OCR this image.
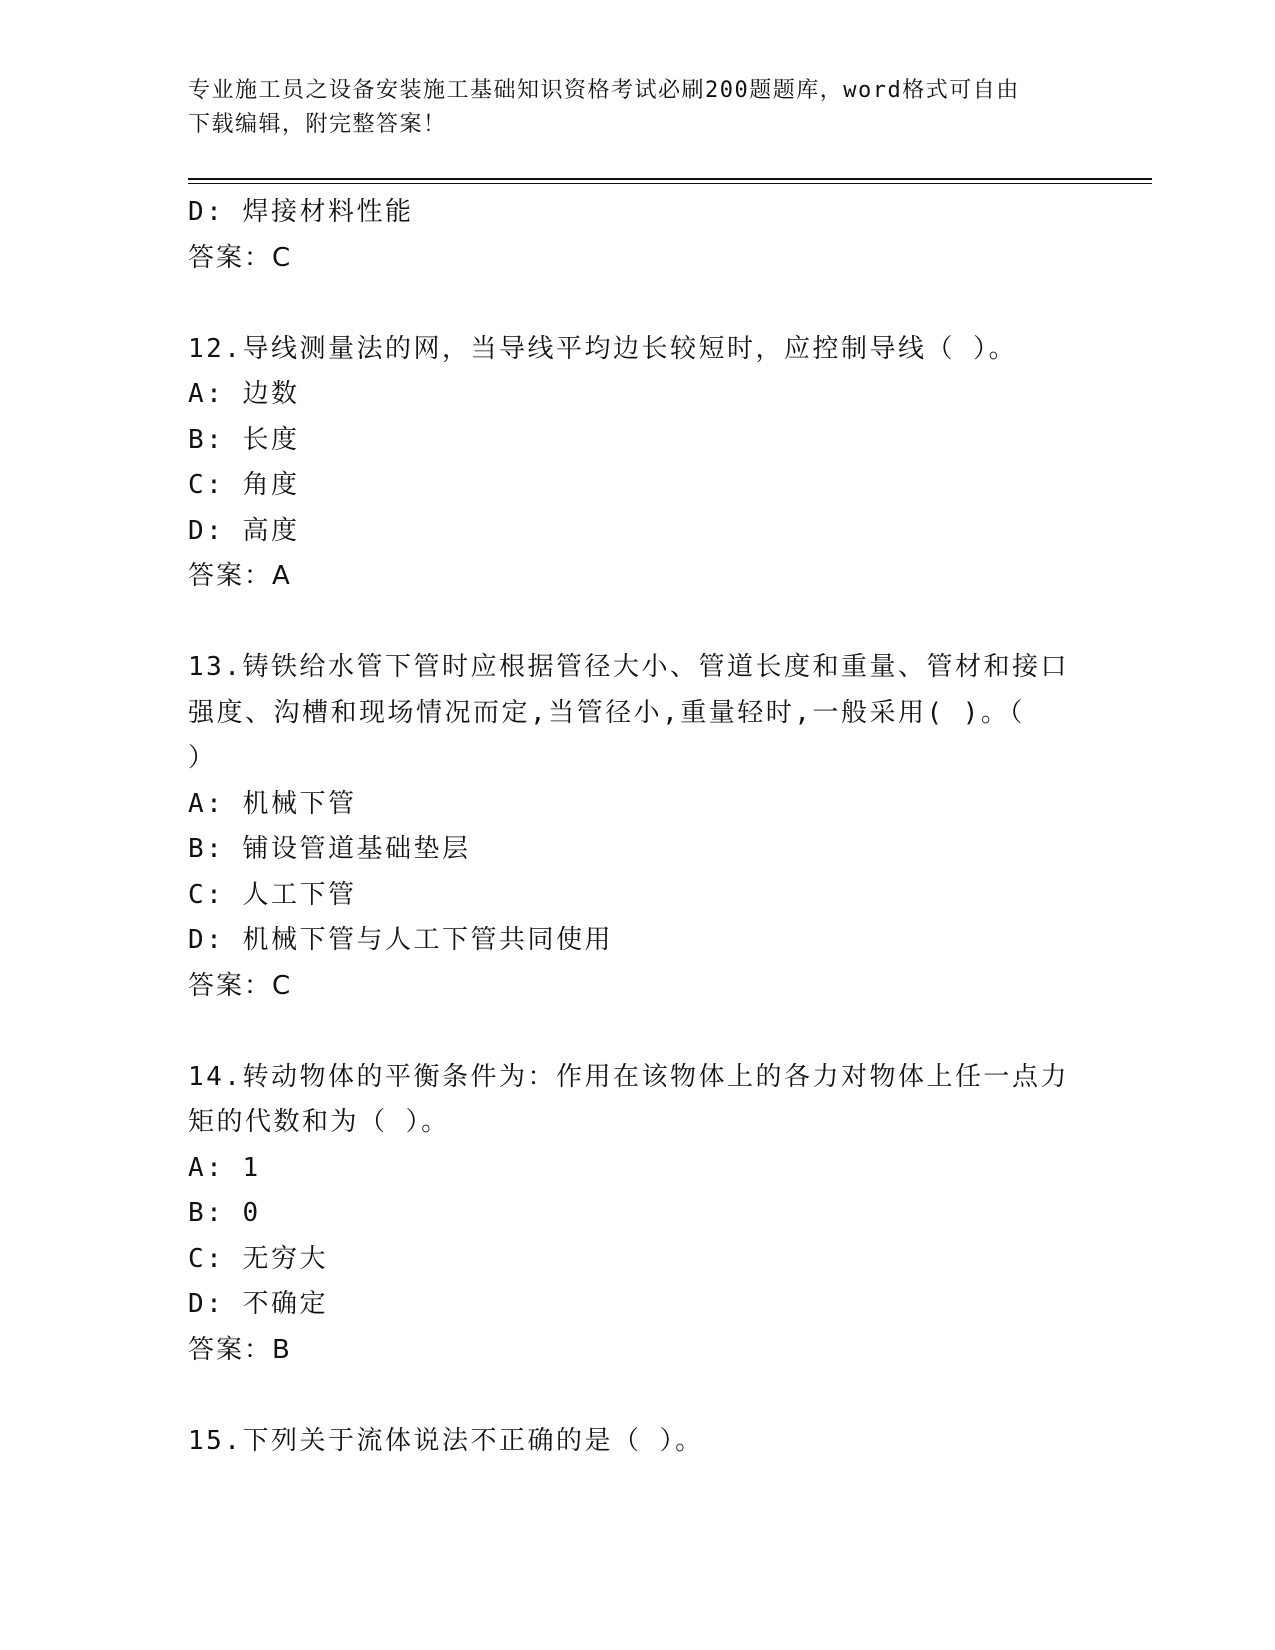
专业施工员之设备安装施工基础知识资格考试必刷200题题库，word格式可自由
下载编辑，附完整答案！
D: 焊接材料性能
答案：C
12.导线测量法的网，当导线平均边长较短时，应控制导线（ ）。
A: 边数
B: 长度
C: 角度
D: 高度
答案：A
13.铸铁给水管下管时应根据管径大小、管道长度和重量、管材和接口
强度、沟槽和现场情况而定,当管径小,重量轻时,一般采用( )。（
）
A: 机械下管
B: 铺设管道基础垫层
C: 人工下管
D: 机械下管与人工下管共同使用
答案：C
14.转动物体的平衡条件为：作用在该物体上的各力对物体上任一点力
矩的代数和为（ ）。
A: 1
B: 0
C: 无穷大
D: 不确定
答案：B
15.下列关于流体说法不正确的是（ ）。
